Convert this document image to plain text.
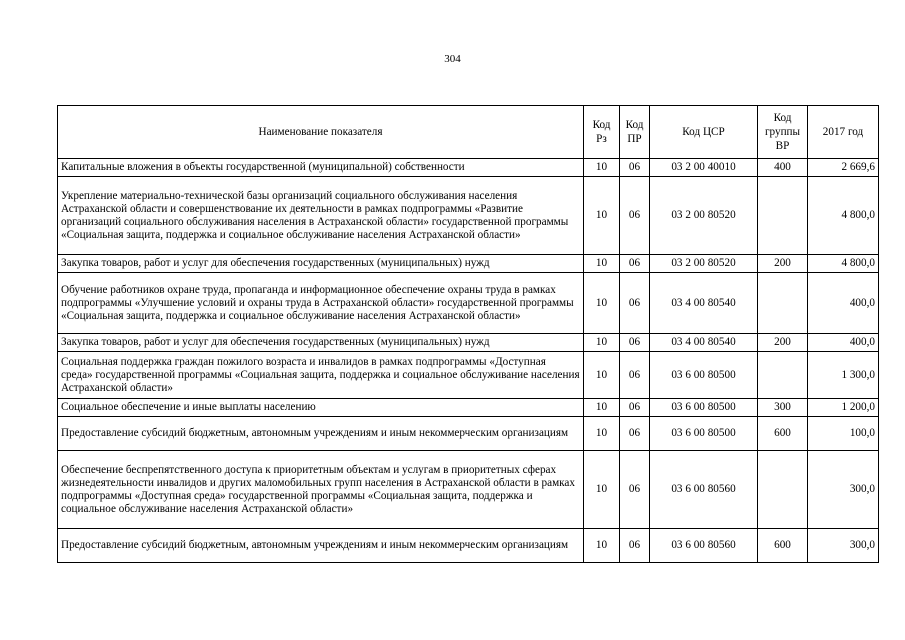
304
Наименование показателя	Код Рз	Код ПР	Код ЦСР	Код группы ВР	2017 год
Капитальные вложения в объекты государственной (муниципальной) собственности	10	06	03 2 00 40010	400	2 669,6
Укрепление материально-технической базы организаций социального обслуживания населения Астраханской области и совершенствование их деятельности в рамках подпрограммы «Развитие организаций социального обслуживания населения в Астраханской области» государственной программы «Социальная защита, поддержка и социальное обслуживание населения Астраханской области»	10	06	03 2 00 80520		4 800,0
Закупка товаров, работ и услуг для обеспечения государственных (муниципальных) нужд	10	06	03 2 00 80520	200	4 800,0
Обучение работников охране труда, пропаганда и информационное обеспечение охраны труда в рамках подпрограммы «Улучшение условий и охраны труда в Астраханской области» государственной программы «Социальная защита, поддержка и социальное обслуживание населения Астраханской области»	10	06	03 4 00 80540		400,0
Закупка товаров, работ и услуг для обеспечения государственных (муниципальных) нужд	10	06	03 4 00 80540	200	400,0
Социальная поддержка граждан пожилого возраста и инвалидов в рамках подпрограммы «Доступная среда» государственной программы «Социальная защита, поддержка и социальное обслуживание населения Астраханской области»	10	06	03 6 00 80500		1 300,0
Социальное обеспечение и иные выплаты населению	10	06	03 6 00 80500	300	1 200,0
Предоставление субсидий бюджетным, автономным учреждениям и иным некоммерческим организациям	10	06	03 6 00 80500	600	100,0
Обеспечение беспрепятственного доступа к приоритетным объектам и услугам в приоритетных сферах жизнедеятельности инвалидов и других маломобильных групп населения в Астраханской области в рамках подпрограммы «Доступная среда» государственной программы «Социальная защита, поддержка и социальное обслуживание населения Астраханской области»	10	06	03 6 00 80560		300,0
Предоставление субсидий бюджетным, автономным учреждениям и иным некоммерческим организациям	10	06	03 6 00 80560	600	300,0
